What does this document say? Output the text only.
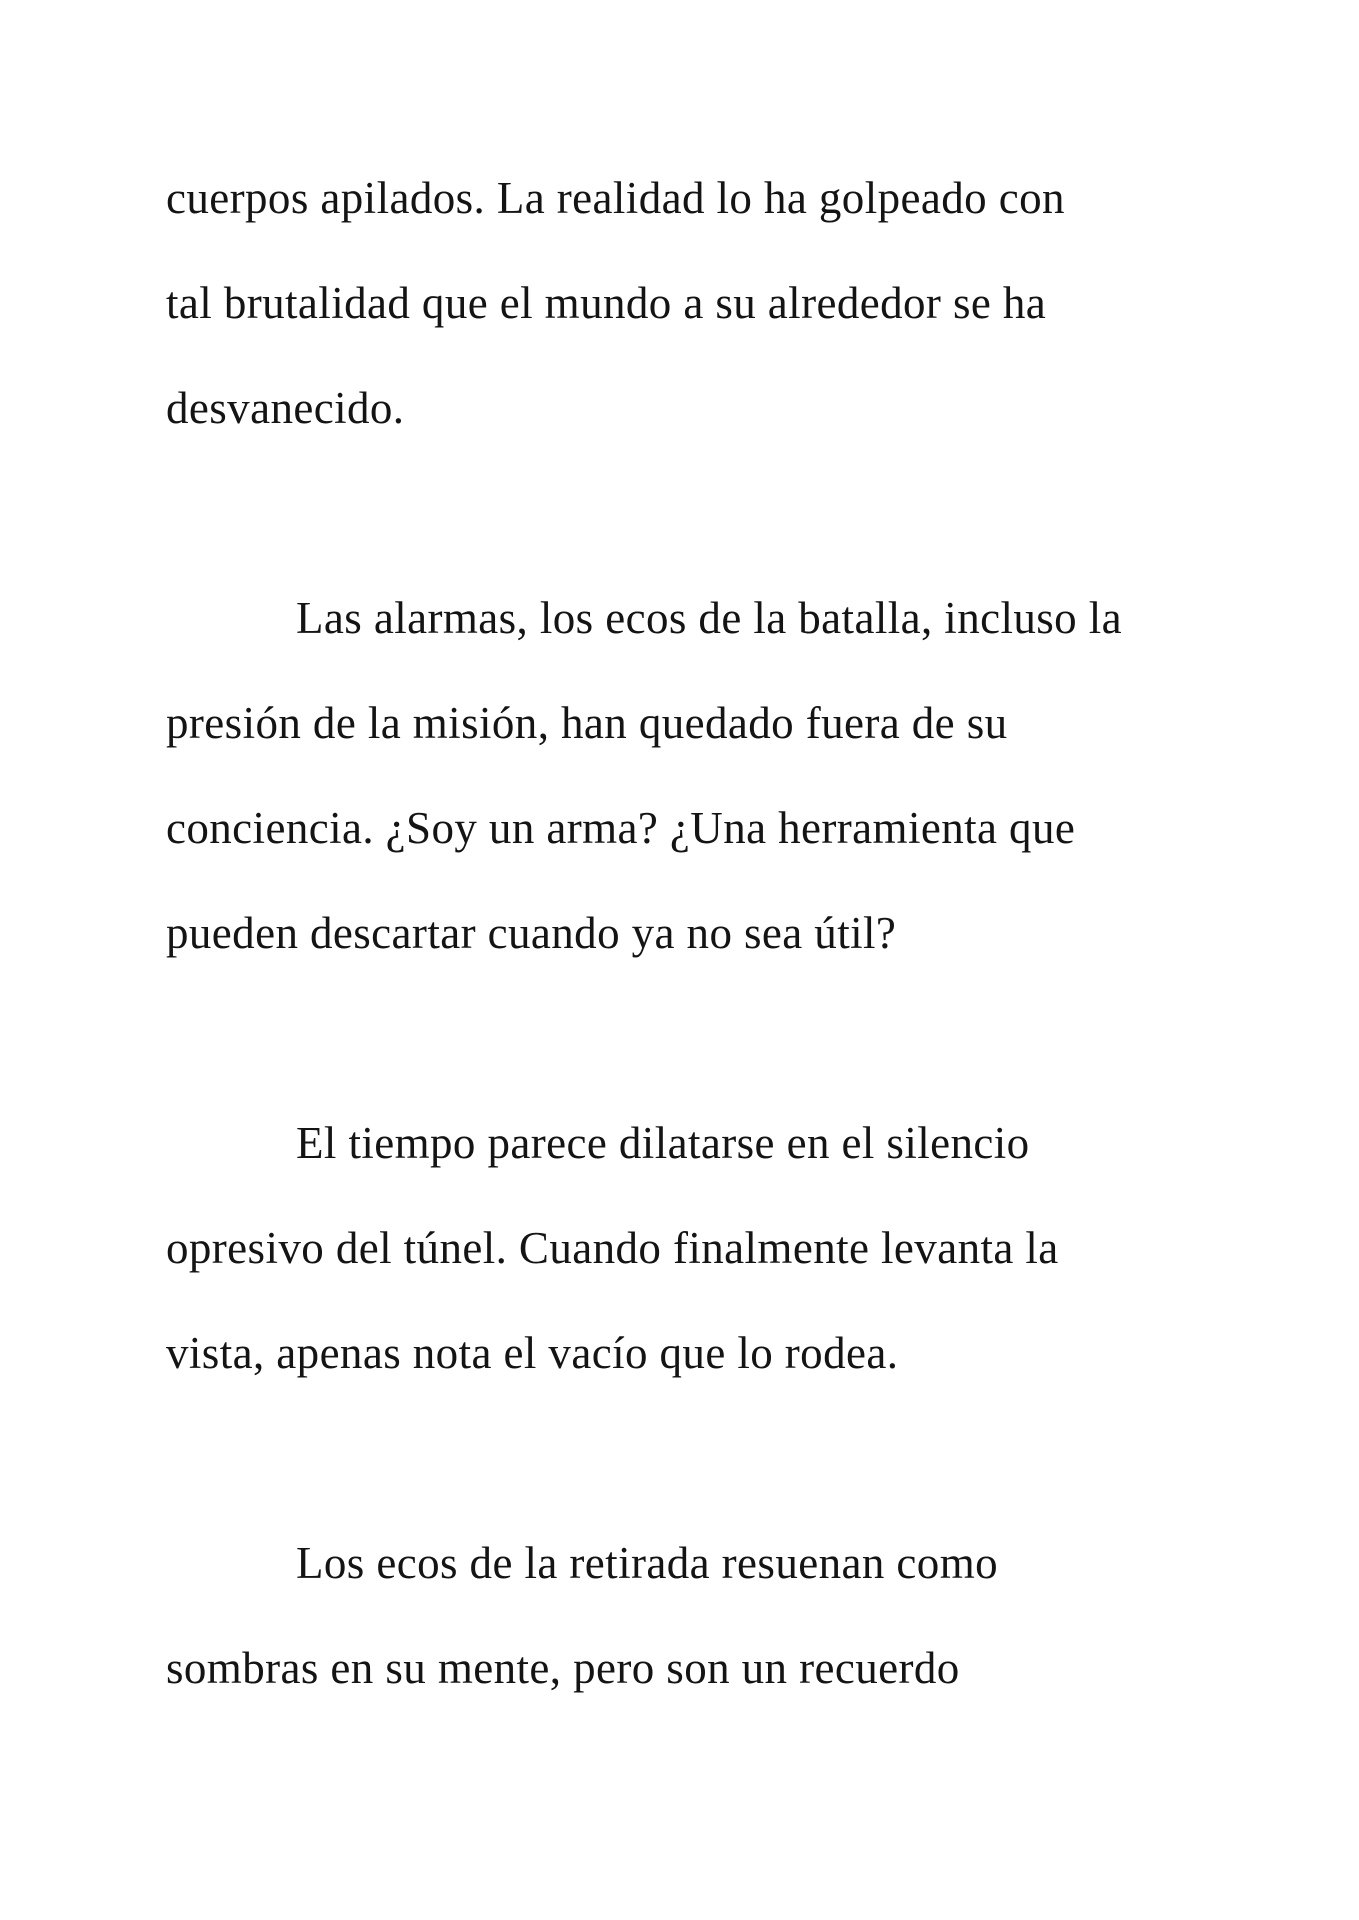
cuerpos apilados. La realidad lo ha golpeado con
tal brutalidad que el mundo a su alrededor se ha
desvanecido.
Las alarmas, los ecos de la batalla, incluso la
presión de la misión, han quedado fuera de su
conciencia. ¿Soy un arma? ¿Una herramienta que
pueden descartar cuando ya no sea útil?
El tiempo parece dilatarse en el silencio
opresivo del túnel. Cuando finalmente levanta la
vista, apenas nota el vacío que lo rodea.
Los ecos de la retirada resuenan como
sombras en su mente, pero son un recuerdo
